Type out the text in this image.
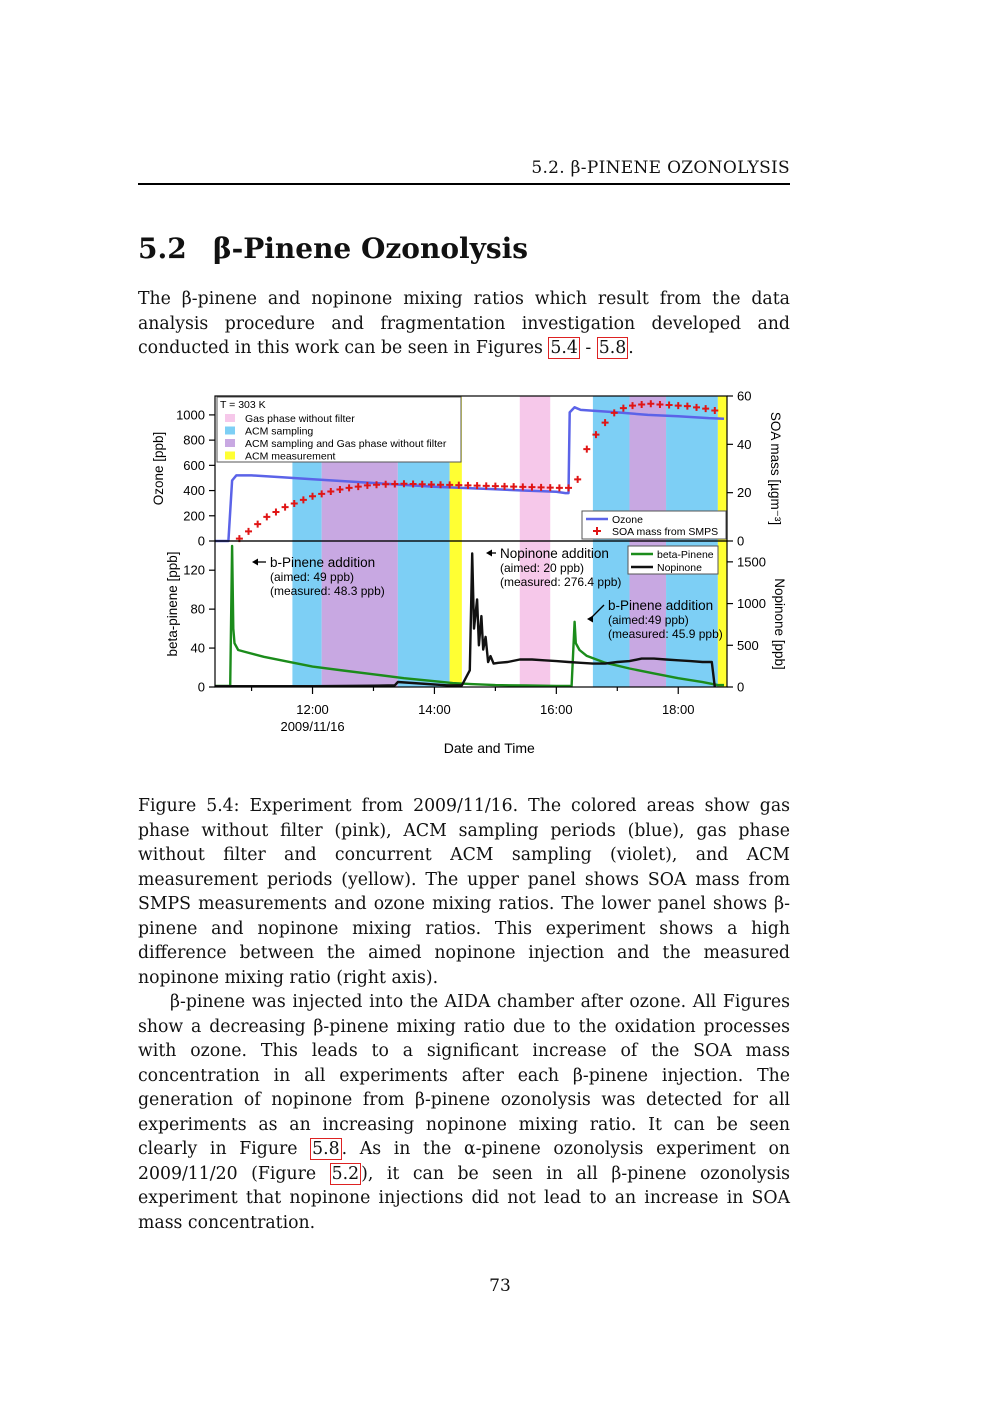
5.2. β-PINENE OZONOLYSIS
5.2 β-Pinene Ozonolysis

The β-pinene and nopinone mixing ratios which result from the data analysis procedure and fragmentation investigation developed and conducted in this work can be seen in Figures 5.4 - 5.8 .

0
200
400
600
800
1000
0
20
40
60
0
40
80
120
0
500
1000
1500
Ozone [ppb]	SOA mass [µgm⁻³]
beta-pinene [ppb]	Nopinone [ppb]
12:00	14:00	16:00	18:00
2009/11/16
Date and Time
T = 303 K
Gas phase without filter
ACM sampling
ACM sampling and Gas phase without filter
ACM measurement
Ozone
SOA mass from SMPS
beta-Pinene
Nopinone
b-Pinene addition
(aimed: 49 ppb)
(measured: 48.3 ppb)
Nopinone addition
(aimed: 20 ppb)
(measured: 276.4 ppb)
b-Pinene addition
(aimed:49 ppb)
(measured: 45.9 ppb)

Figure 5.4: Experiment from 2009/11/16. The colored areas show gas phase without filter (pink), ACM sampling periods (blue), gas phase without filter and concurrent ACM sampling (violet), and ACM measurement periods (yellow). The upper panel shows SOA mass from SMPS measurements and ozone mixing ratios. The lower panel shows β-pinene and nopinone mixing ratios. This experiment shows a high difference between the aimed nopinone injection and the measured nopinone mixing ratio (right axis).

β-pinene was injected into the AIDA chamber after ozone. All Figures show a decreasing β-pinene mixing ratio due to the oxidation processes with ozone. This leads to a significant increase of the SOA mass concentration in all experiments after each β-pinene injection. The generation of nopinone from β-pinene ozonolysis was detected for all experiments as an increasing nopinone mixing ratio. It can be seen clearly in Figure 5.8 . As in the α-pinene ozonolysis experiment on 2009/11/20 (Figure 5.2 ), it can be seen in all β-pinene ozonolysis experiment that nopinone injections did not lead to an increase in SOA mass concentration.

73
